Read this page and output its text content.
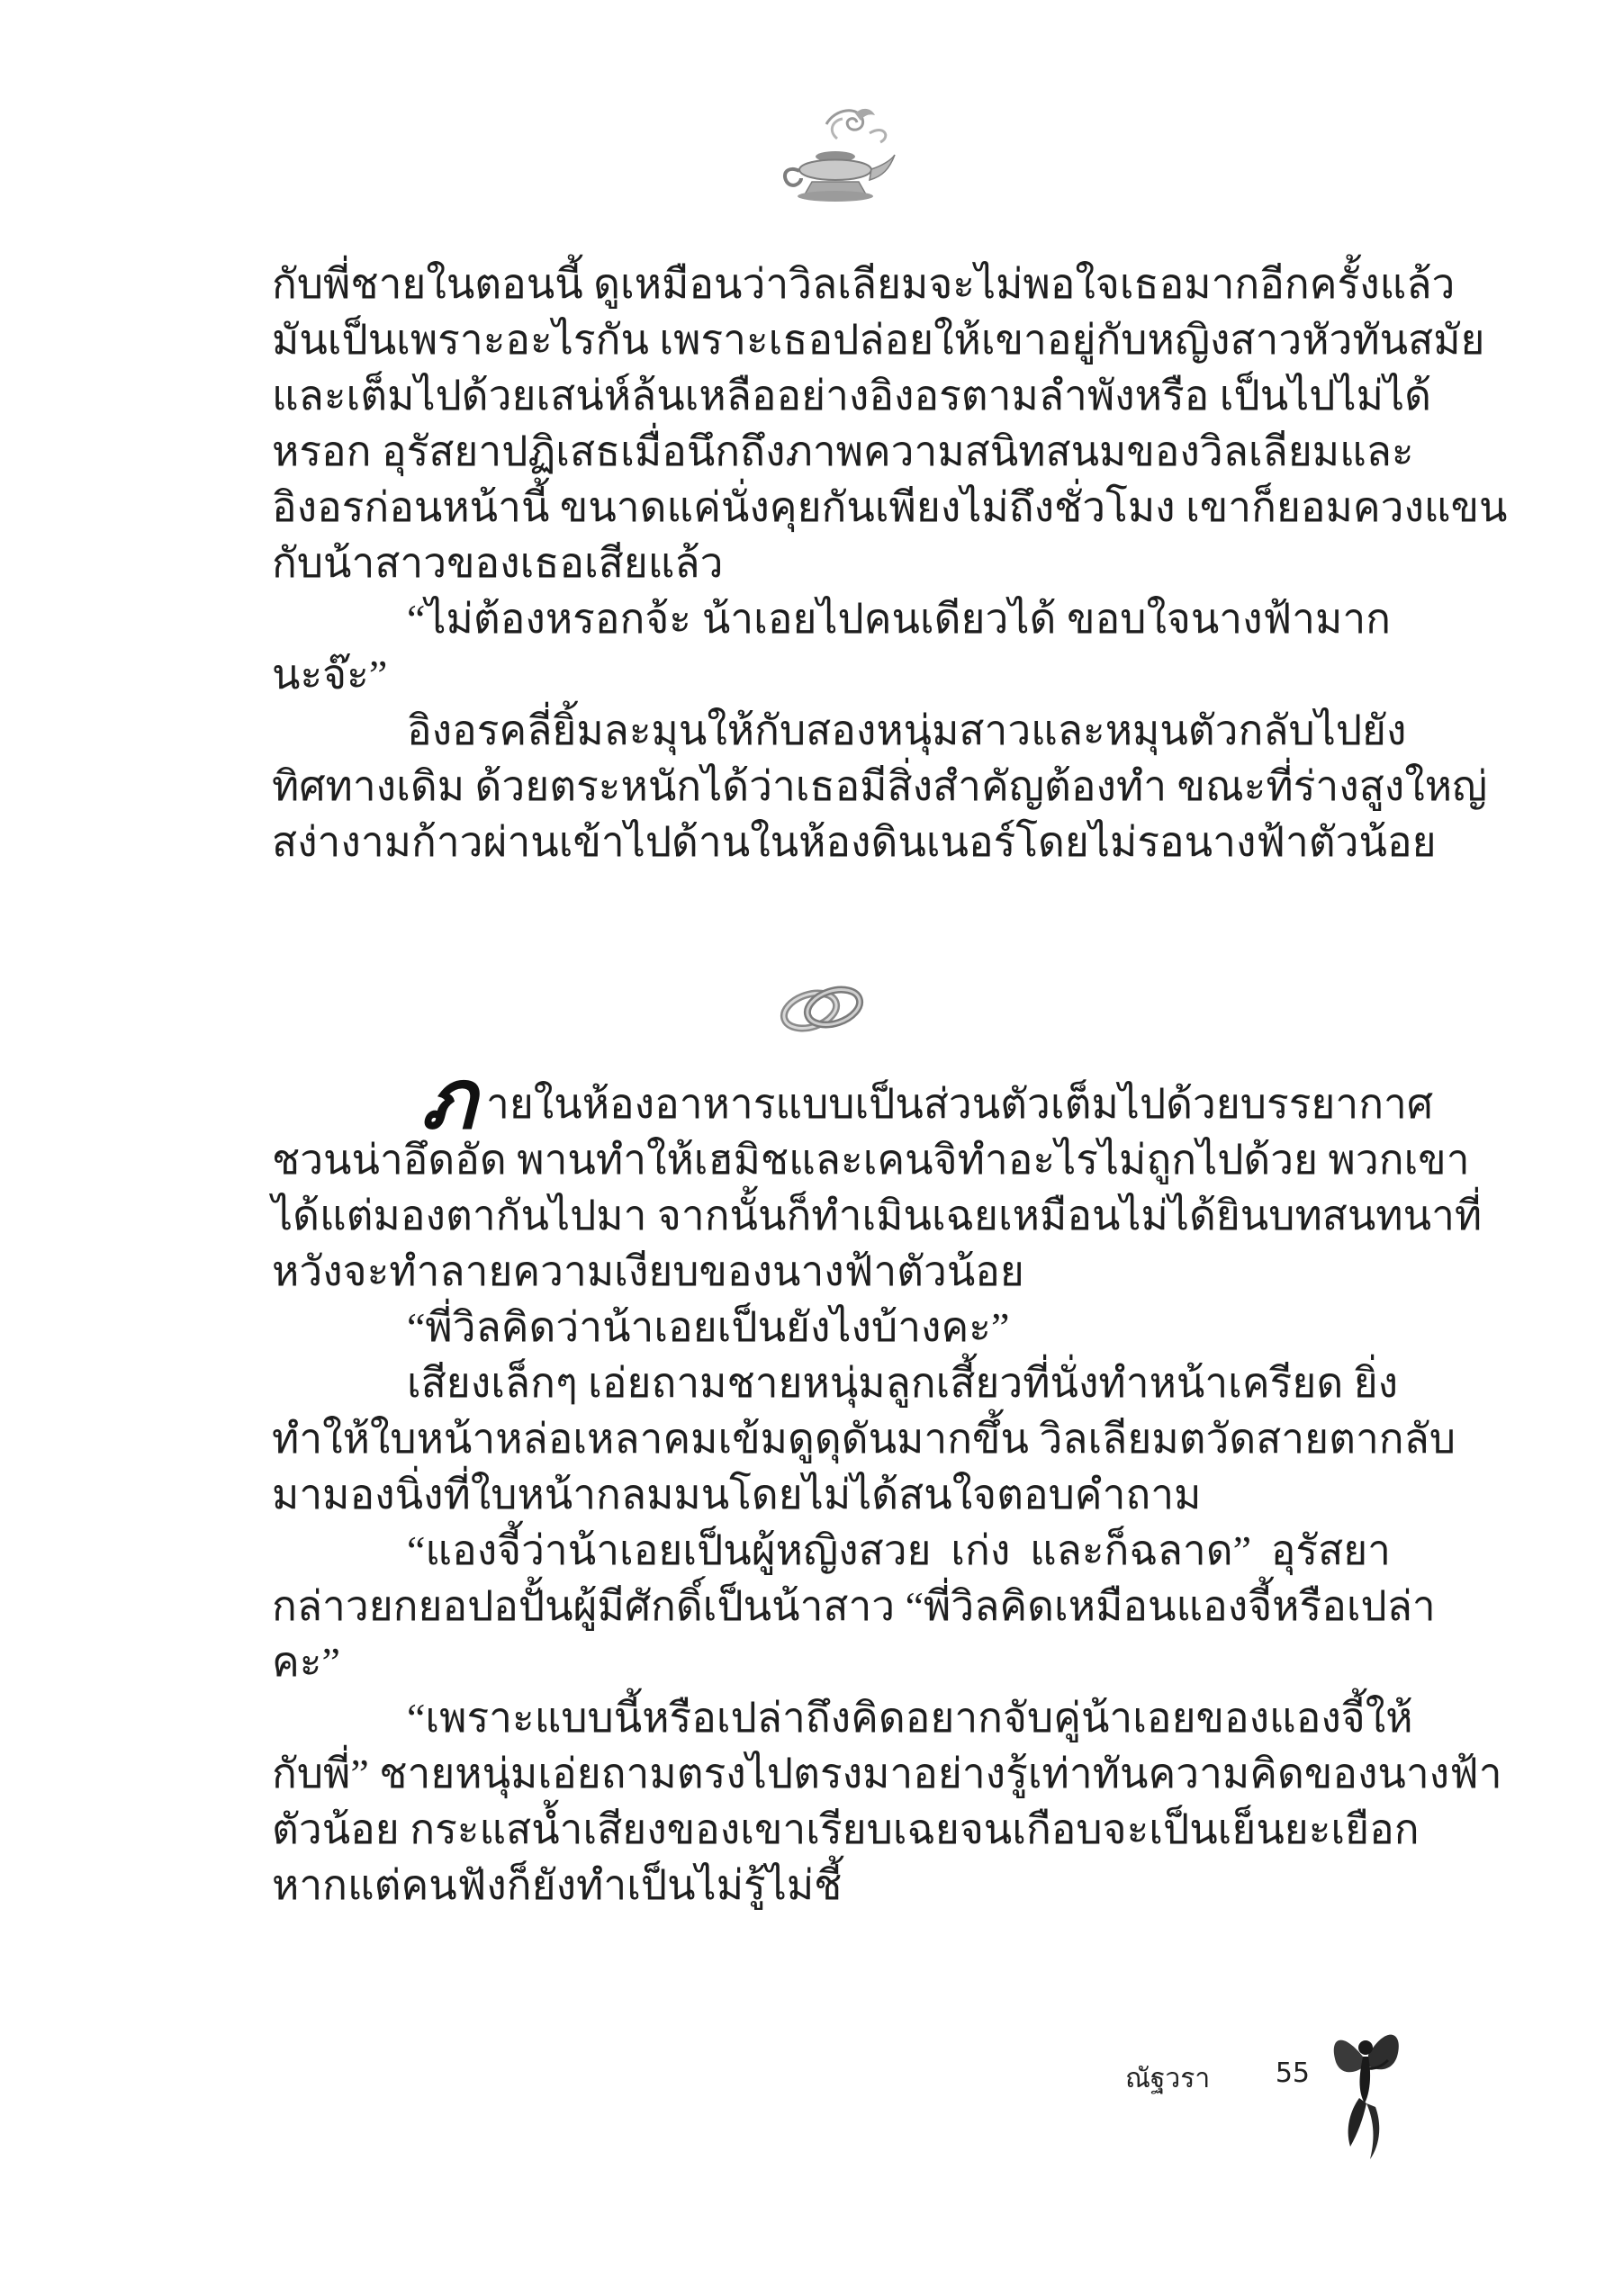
กับพี่ชายในตอนนี้ ดูเหมือนว่าวิลเลียมจะไม่พอใจเธอมากอีกครั้งแล้ว
มันเป็นเพราะอะไรกัน เพราะเธอปล่อยให้เขาอยู่กับหญิงสาวหัวทันสมัย
และเต็มไปด้วยเสน่ห์ล้นเหลืออย่างอิงอรตามลำพังหรือ เป็นไปไม่ได้
หรอก อุรัสยาปฏิเสธเมื่อนึกถึงภาพความสนิทสนมของวิลเลียมและ
อิงอรก่อนหน้านี้ ขนาดแค่นั่งคุยกันเพียงไม่ถึงชั่วโมง เขาก็ยอมควงแขน
กับน้าสาวของเธอเสียแล้ว
“ไม่ต้องหรอกจ้ะ น้าเอยไปคนเดียวได้ ขอบใจนางฟ้ามาก
นะจ๊ะ”
อิงอรคลี่ยิ้มละมุนให้กับสองหนุ่มสาวและหมุนตัวกลับไปยัง
ทิศทางเดิม ด้วยตระหนักได้ว่าเธอมีสิ่งสำคัญต้องทำ ขณะที่ร่างสูงใหญ่
สง่างามก้าวผ่านเข้าไปด้านในห้องดินเนอร์โดยไม่รอนางฟ้าตัวน้อย
ภ ายในห้องอาหารแบบเป็นส่วนตัวเต็มไปด้วยบรรยากาศ
ชวนน่าอึดอัด พานทำให้เฮมิชและเคนจิทำอะไรไม่ถูกไปด้วย พวกเขา
ได้แต่มองตากันไปมา จากนั้นก็ทำเมินเฉยเหมือนไม่ได้ยินบทสนทนาที่
หวังจะทำลายความเงียบของนางฟ้าตัวน้อย
“พี่วิลคิดว่าน้าเอยเป็นยังไงบ้างคะ”
เสียงเล็กๆ เอ่ยถามชายหนุ่มลูกเสี้ยวที่นั่งทำหน้าเครียด ยิ่ง
ทำให้ใบหน้าหล่อเหลาคมเข้มดูดุดันมากขึ้น วิลเลียมตวัดสายตากลับ
มามองนิ่งที่ใบหน้ากลมมนโดยไม่ได้สนใจตอบคำถาม
“แองจี้ว่าน้าเอยเป็นผู้หญิงสวย เก่ง และก็ฉลาด” อุรัสยา
กล่าวยกยอปอปั้นผู้มีศักดิ์เป็นน้าสาว “พี่วิลคิดเหมือนแองจี้หรือเปล่า
คะ”
“เพราะแบบนี้หรือเปล่าถึงคิดอยากจับคู่น้าเอยของแองจี้ให้
กับพี่” ชายหนุ่มเอ่ยถามตรงไปตรงมาอย่างรู้เท่าทันความคิดของนางฟ้า
ตัวน้อย กระแสน้ำเสียงของเขาเรียบเฉยจนเกือบจะเป็นเย็นยะเยือก
หากแต่คนฟังก็ยังทำเป็นไม่รู้ไม่ชี้
ณัฐวรา 55
